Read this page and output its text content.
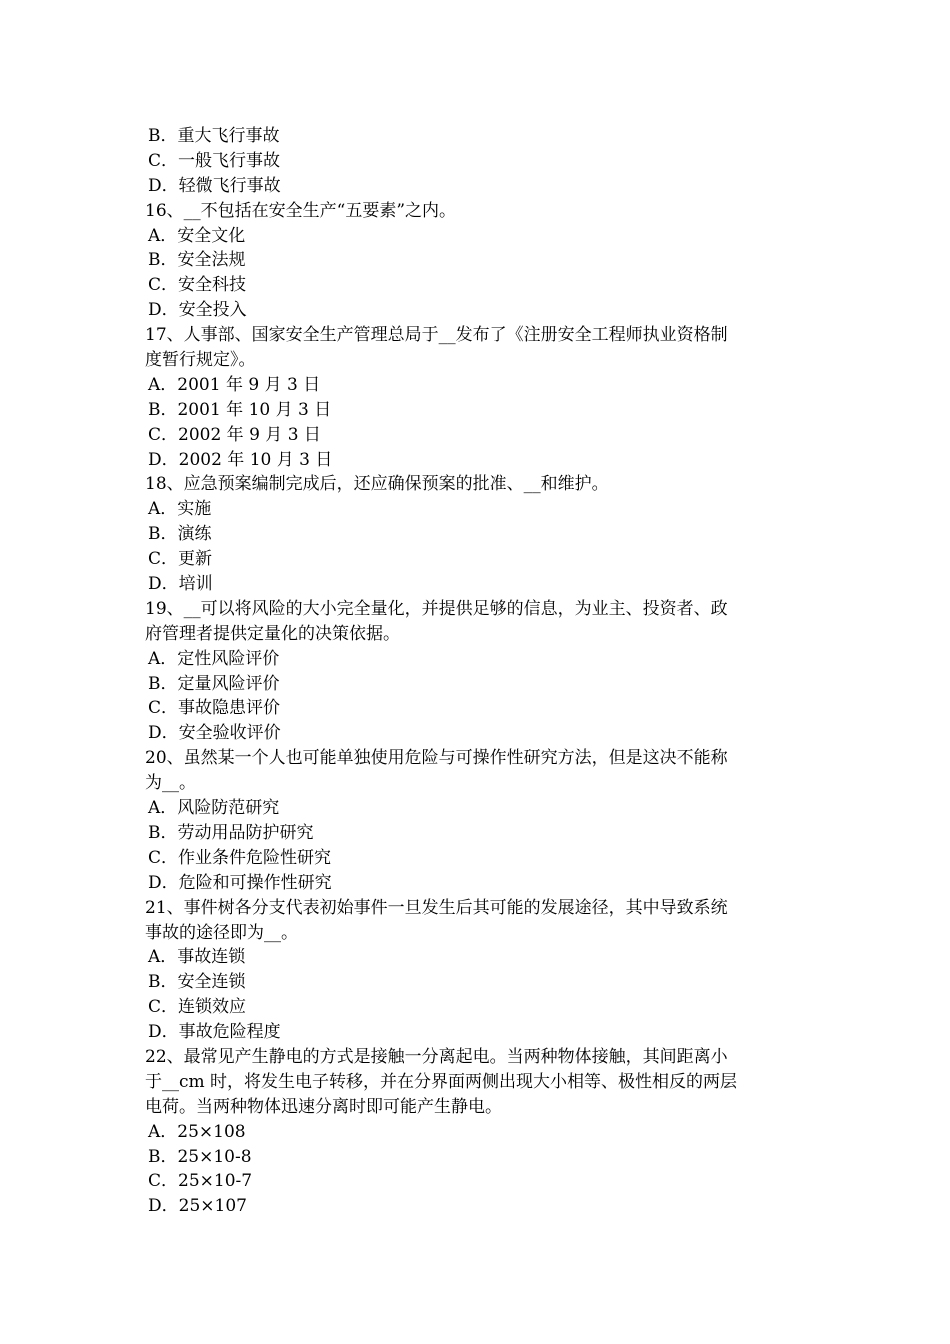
B．重大飞行事故
C．一般飞行事故
D．轻微飞行事故
16、__不包括在安全生产“五要素”之内。
A．安全文化
B．安全法规
C．安全科技
D．安全投入
17、人事部、国家安全生产管理总局于__发布了《注册安全工程师执业资格制
度暂行规定》。
A．2001 年 9 月 3 日
B．2001 年 10 月 3 日
C．2002 年 9 月 3 日
D．2002 年 10 月 3 日
18、应急预案编制完成后，还应确保预案的批准、__和维护。
A．实施
B．演练
C．更新
D．培训
19、__可以将风险的大小完全量化，并提供足够的信息，为业主、投资者、政
府管理者提供定量化的决策依据。
A．定性风险评价
B．定量风险评价
C．事故隐患评价
D．安全验收评价
20、虽然某一个人也可能单独使用危险与可操作性研究方法，但是这决不能称
为__。
A．风险防范研究
B．劳动用品防护研究
C．作业条件危险性研究
D．危险和可操作性研究
21、事件树各分支代表初始事件一旦发生后其可能的发展途径，其中导致系统
事故的途径即为__。
A．事故连锁
B．安全连锁
C．连锁效应
D．事故危险程度
22、最常见产生静电的方式是接触一分离起电。当两种物体接触，其间距离小
于__cm 时，将发生电子转移，并在分界面两侧出现大小相等、极性相反的两层
电荷。当两种物体迅速分离时即可能产生静电。
A．25×108
B．25×10-8
C．25×10-7
D．25×107
